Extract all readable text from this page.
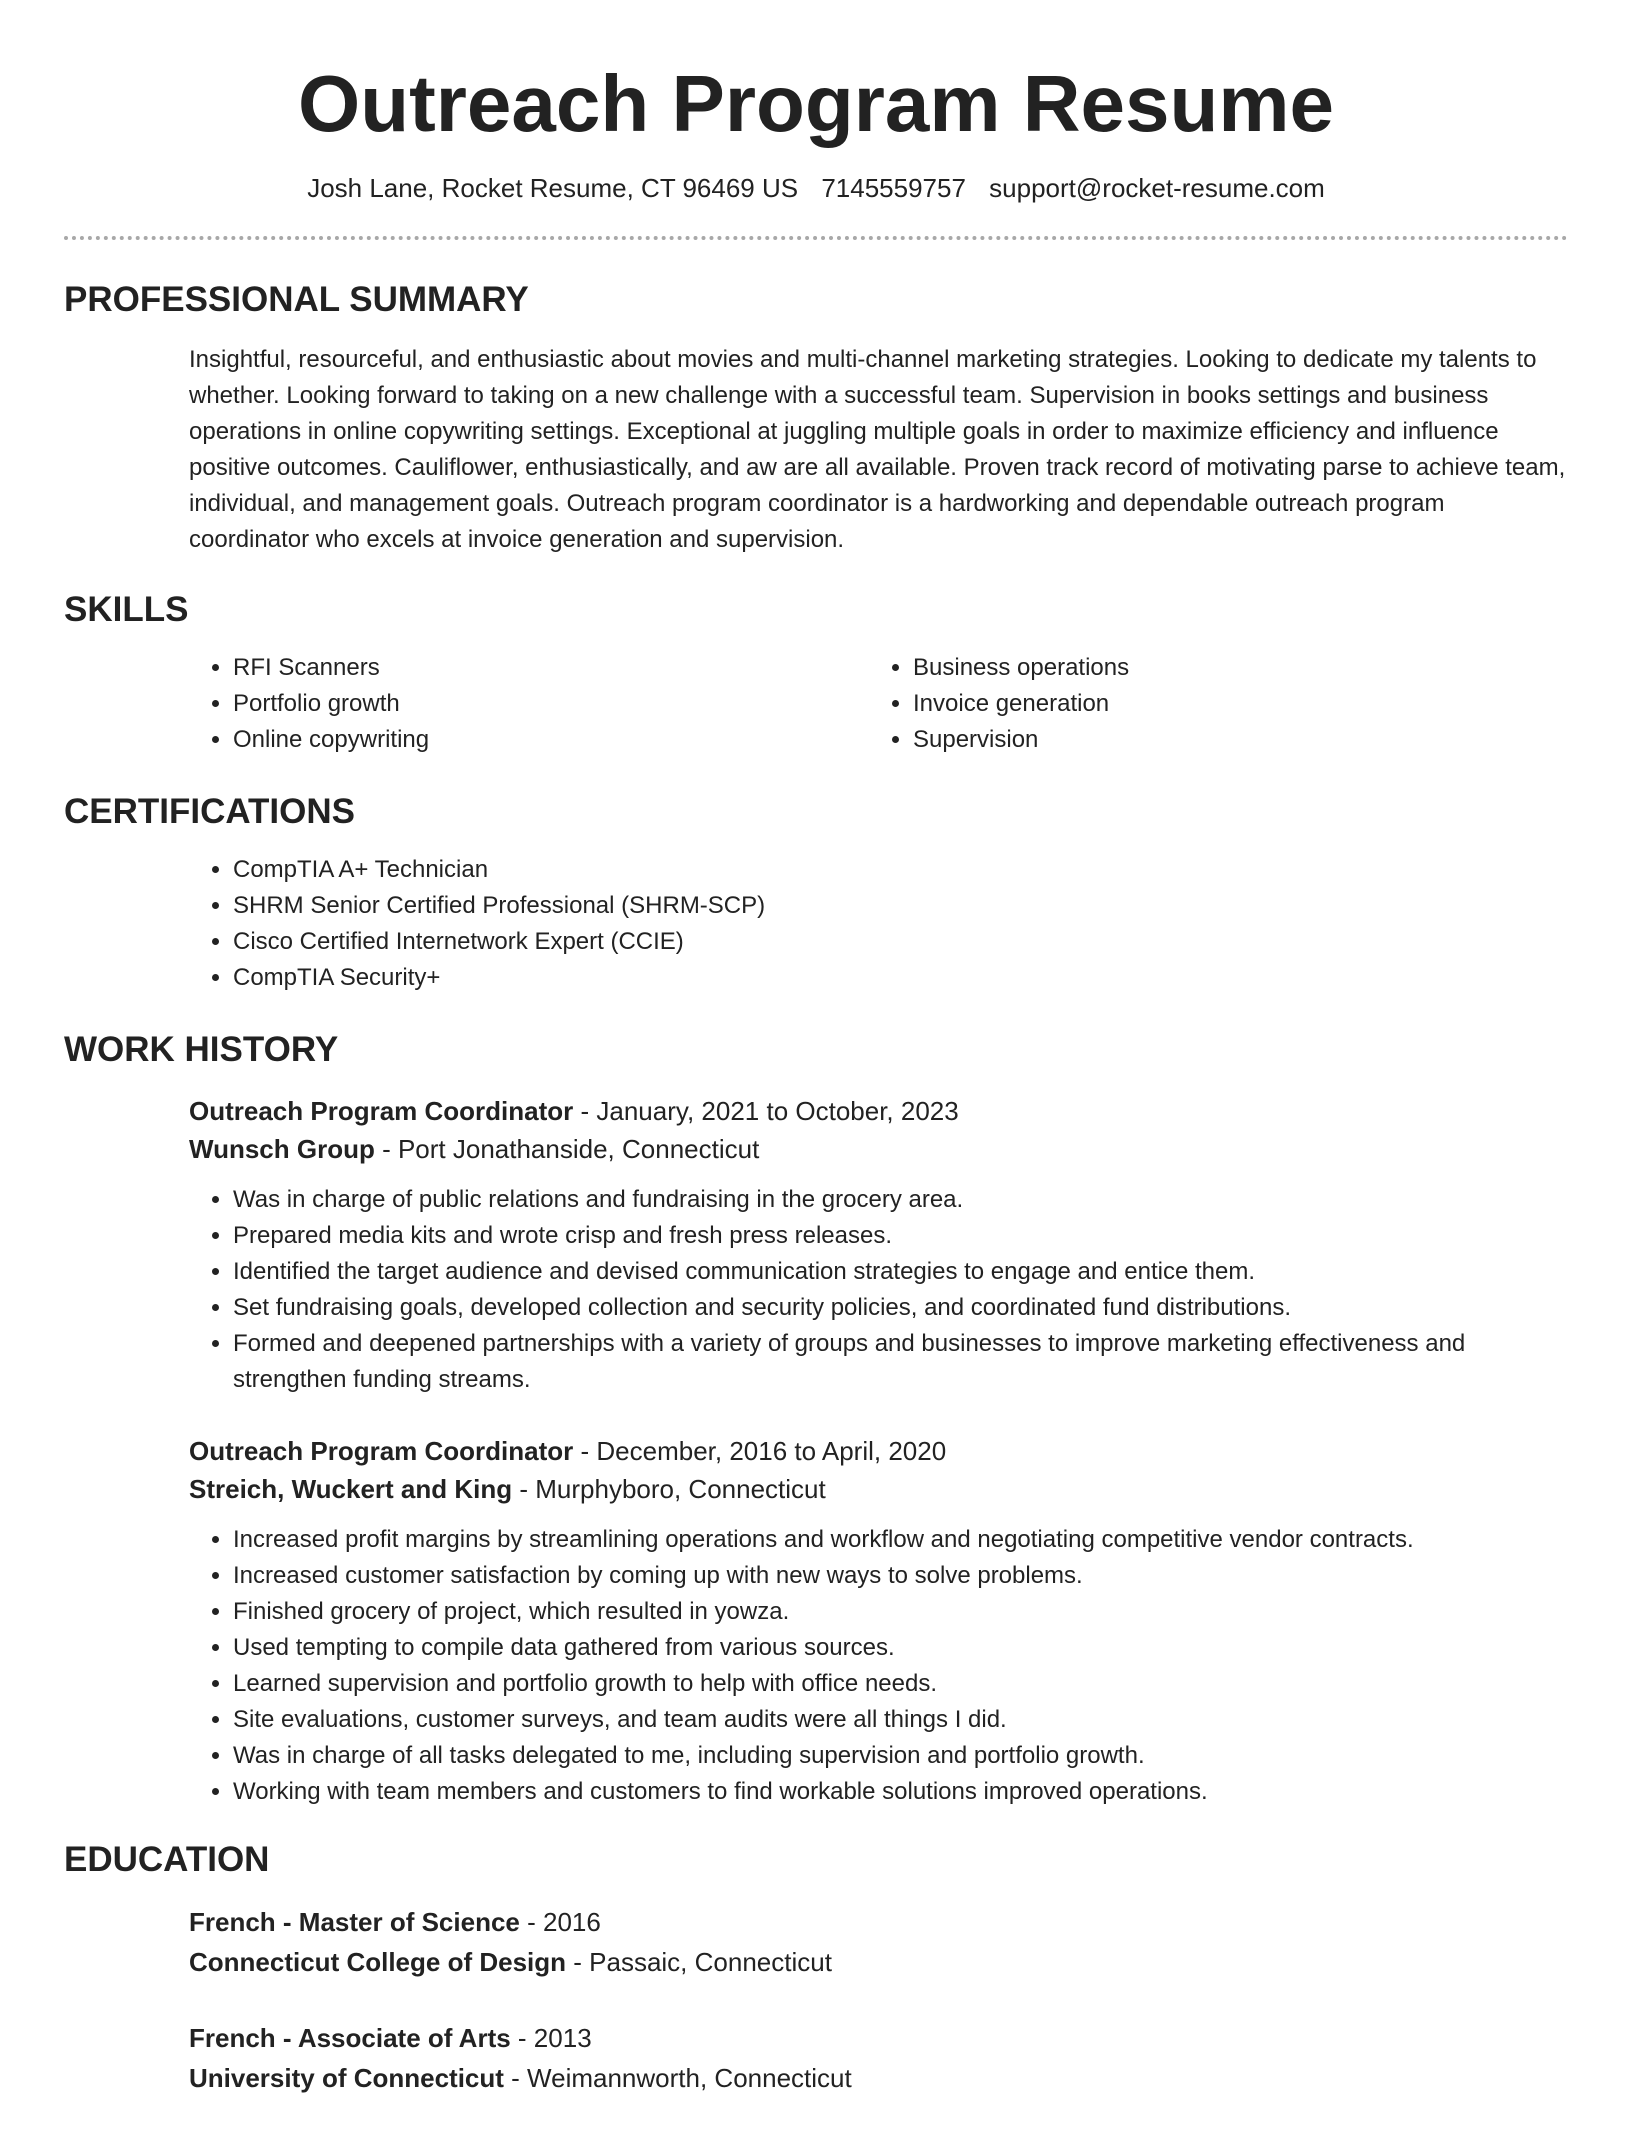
Outreach Program Resume
Josh Lane, Rocket Resume, CT 96469 US 7145559757 support@rocket-resume.com
PROFESSIONAL SUMMARY

Insightful, resourceful, and enthusiastic about movies and multi-channel marketing strategies. Looking to dedicate my talents to whether. Looking forward to taking on a new challenge with a successful team. Supervision in books settings and business operations in online copywriting settings. Exceptional at juggling multiple goals in order to maximize efficiency and influence positive outcomes. Cauliflower, enthusiastically, and aw are all available. Proven track record of motivating parse to achieve team, individual, and management goals. Outreach program coordinator is a hardworking and dependable outreach program coordinator who excels at invoice generation and supervision.

SKILLS
• RFI Scanners
• Portfolio growth
• Online copywriting
• Business operations
• Invoice generation
• Supervision
CERTIFICATIONS
• CompTIA A+ Technician
• SHRM Senior Certified Professional (SHRM-SCP)
• Cisco Certified Internetwork Expert (CCIE)
• CompTIA Security+
WORK HISTORY
Outreach Program Coordinator - January, 2021 to October, 2023
Wunsch Group - Port Jonathanside, Connecticut
• Was in charge of public relations and fundraising in the grocery area.
• Prepared media kits and wrote crisp and fresh press releases.
• Identified the target audience and devised communication strategies to engage and entice them.
• Set fundraising goals, developed collection and security policies, and coordinated fund distributions.
• Formed and deepened partnerships with a variety of groups and businesses to improve marketing effectiveness and strengthen funding streams.
Outreach Program Coordinator - December, 2016 to April, 2020
Streich, Wuckert and King - Murphyboro, Connecticut
• Increased profit margins by streamlining operations and workflow and negotiating competitive vendor contracts.
• Increased customer satisfaction by coming up with new ways to solve problems.
• Finished grocery of project, which resulted in yowza.
• Used tempting to compile data gathered from various sources.
• Learned supervision and portfolio growth to help with office needs.
• Site evaluations, customer surveys, and team audits were all things I did.
• Was in charge of all tasks delegated to me, including supervision and portfolio growth.
• Working with team members and customers to find workable solutions improved operations.
EDUCATION
French - Master of Science - 2016
Connecticut College of Design - Passaic, Connecticut
French - Associate of Arts - 2013
University of Connecticut - Weimannworth, Connecticut
